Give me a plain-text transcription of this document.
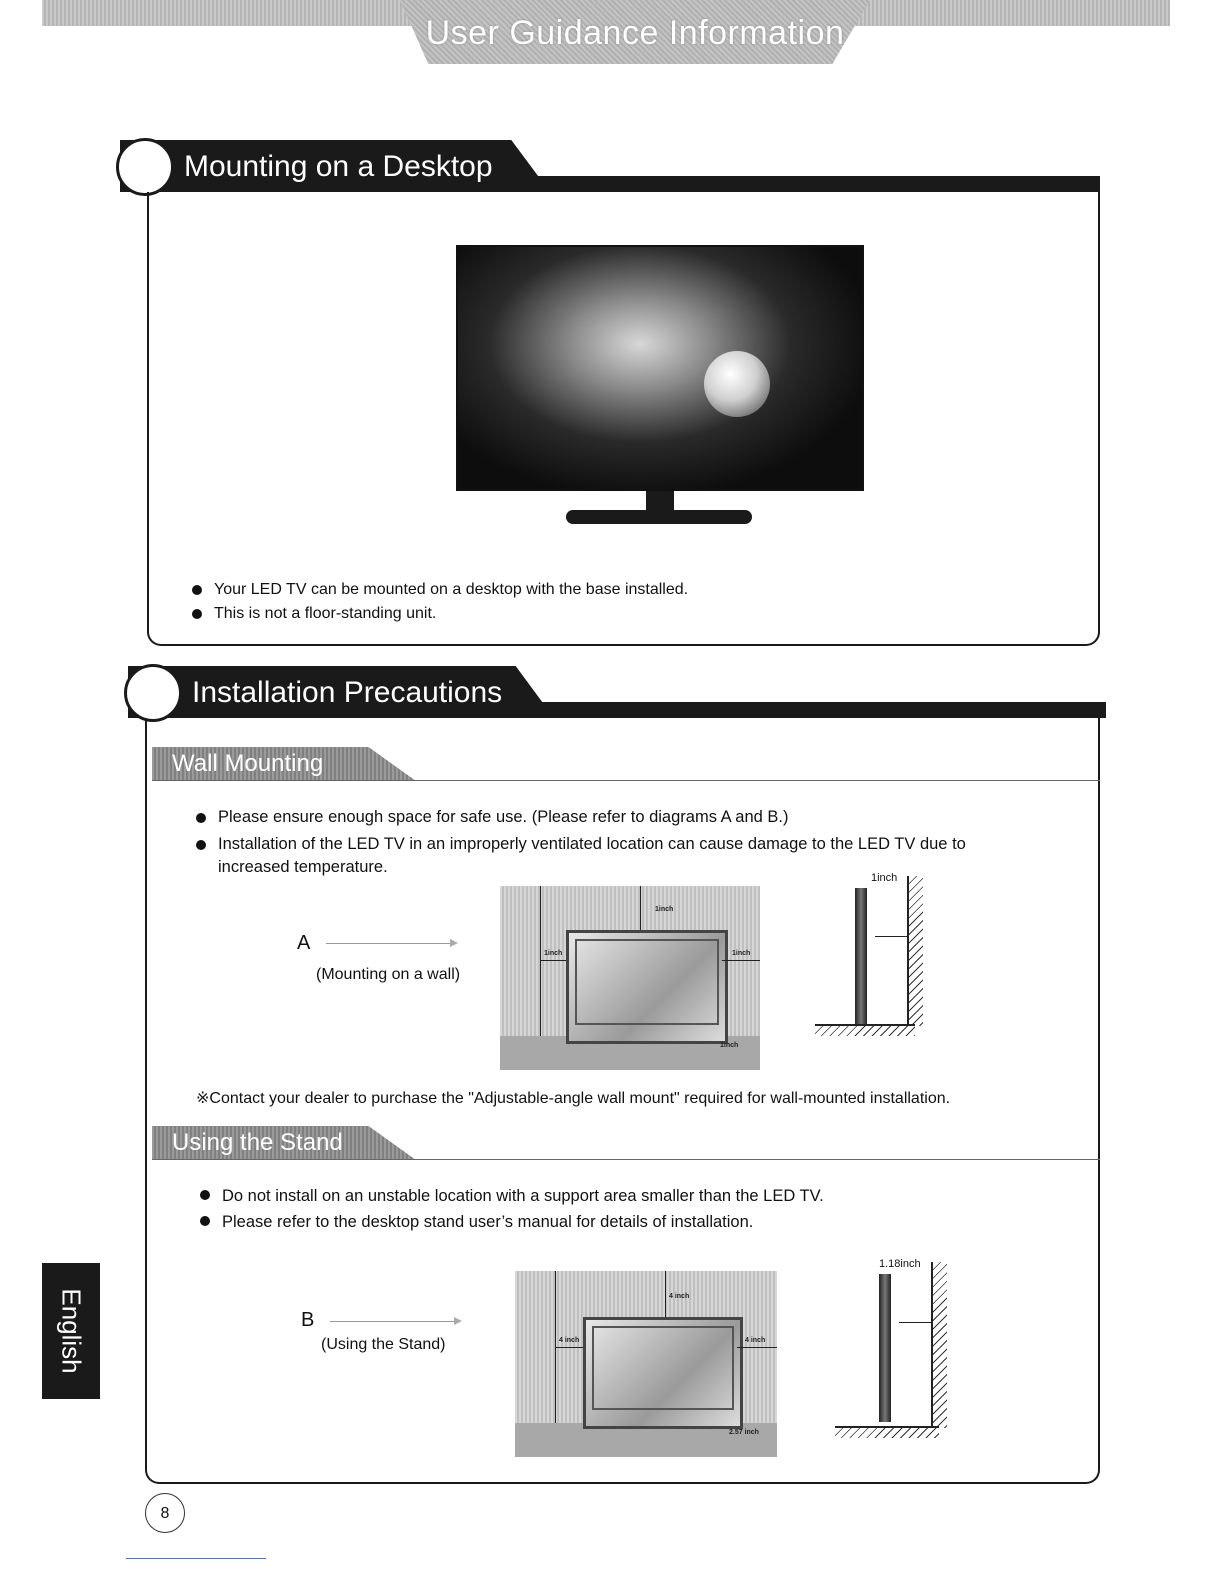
User Guidance Information
Mounting on a Desktop
Your LED TV can be mounted on a desktop with the base installed.
This is not a floor-standing unit.
Installation Precautions
Wall Mounting
Please ensure enough space for safe use. (Please refer to diagrams A and B.)
Installation of the LED TV in an improperly ventilated location can cause damage to the LED TV due to increased temperature.
A
(Mounting on a wall)
1inch
1inch	1inch
1inch
1inch
※Contact your dealer to purchase the "Adjustable-angle wall mount" required for wall-mounted installation.
Using the Stand
Do not install on an unstable location with a support area smaller than the LED TV.
Please refer to the desktop stand user’s manual for details of installation.
B
(Using the Stand)
4 inch
4 inch	4 inch
2.57 inch
1.18inch
English
8
